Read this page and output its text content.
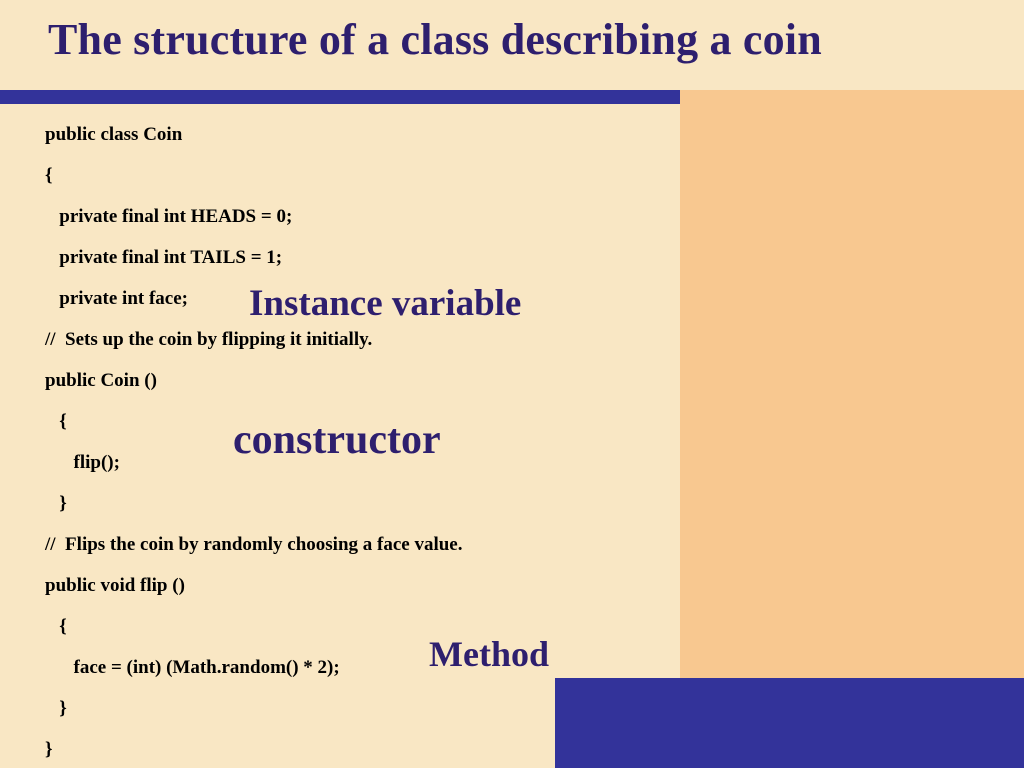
The structure of a class describing a coin
public class Coin
{
private final int HEADS = 0;
private final int TAILS = 1;
private int face;
//  Sets up the coin by flipping it initially.
public Coin ()
{
flip();
}
//  Flips the coin by randomly choosing a face value.
public void flip ()
{
face = (int) (Math.random() * 2);
}
}
Instance variable
constructor
Method
